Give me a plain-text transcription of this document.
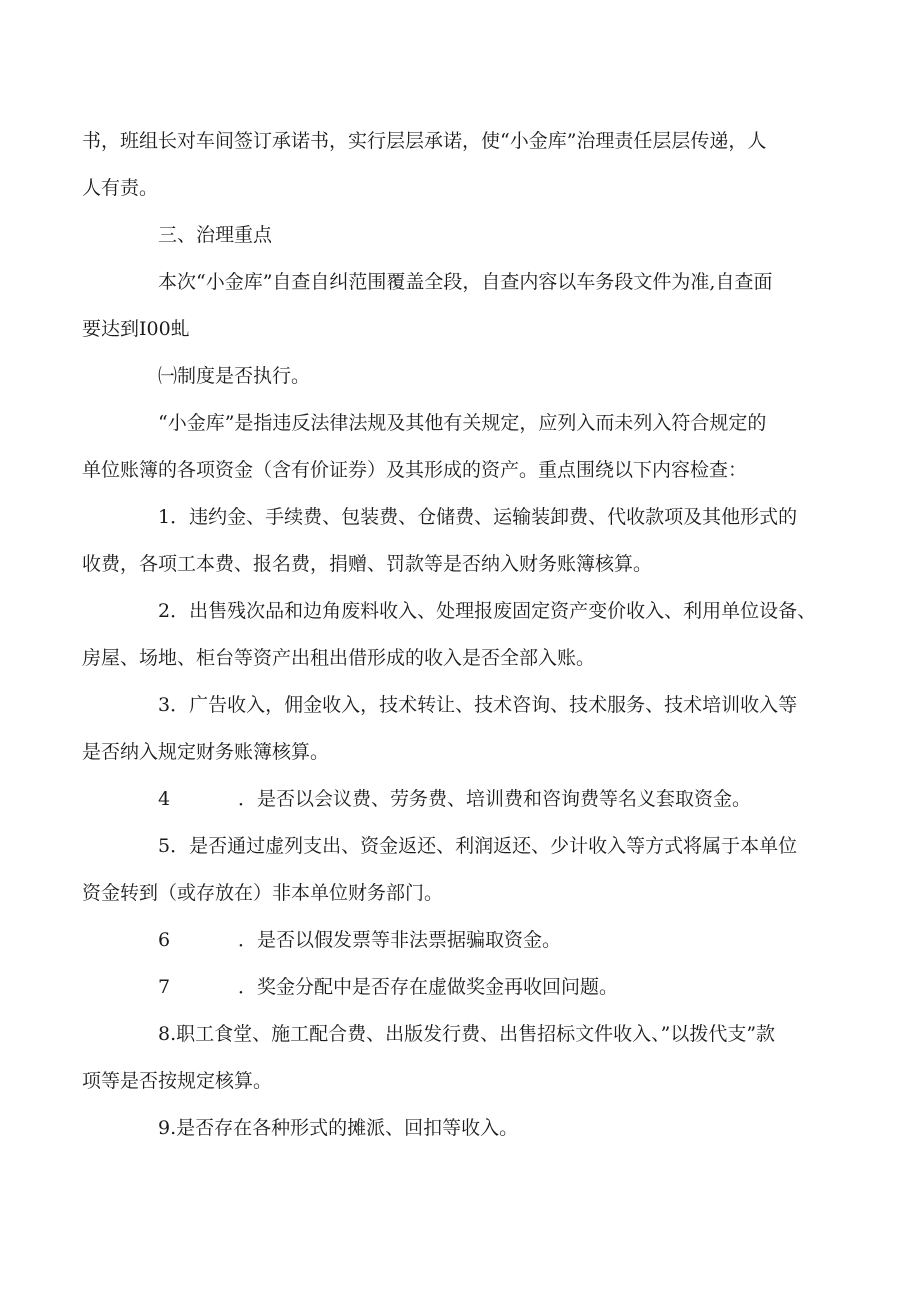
书，班组长对车间签订承诺书，实行层层承诺，使“小金库”治理责任层层传递，人

人有责。

三、治理重点

本次“小金库”自查自纠范围覆盖全段，自查内容以车务段文件为准,自查面

要达到I00虬

㈠制度是否执行。

“小金库”是指违反法律法规及其他有关规定，应列入而未列入符合规定的

单位账簿的各项资金（含有价证券）及其形成的资产。重点围绕以下内容检查：

1．违约金、手续费、包装费、仓储费、运输装卸费、代收款项及其他形式的

收费，各项工本费、报名费，捐赠、罚款等是否纳入财务账簿核算。

2．出售残次品和边角废料收入、处理报废固定资产变价收入、利用单位设备、

房屋、场地、柜台等资产出租出借形成的收入是否全部入账。

3．广告收入，佣金收入，技术转让、技术咨询、技术服务、技术培训收入等

是否纳入规定财务账簿核算。

4	．是否以会议费、劳务费、培训费和咨询费等名义套取资金。

5．是否通过虚列支出、资金返还、利润返还、少计收入等方式将属于本单位

资金转到（或存放在）非本单位财务部门。

6	．是否以假发票等非法票据骗取资金。

7	．奖金分配中是否存在虚做奖金再收回问题。

8.职工食堂、施工配合费、出版发行费、出售招标文件收入、”以拨代支”款

项等是否按规定核算。

9.是否存在各种形式的摊派、回扣等收入。
